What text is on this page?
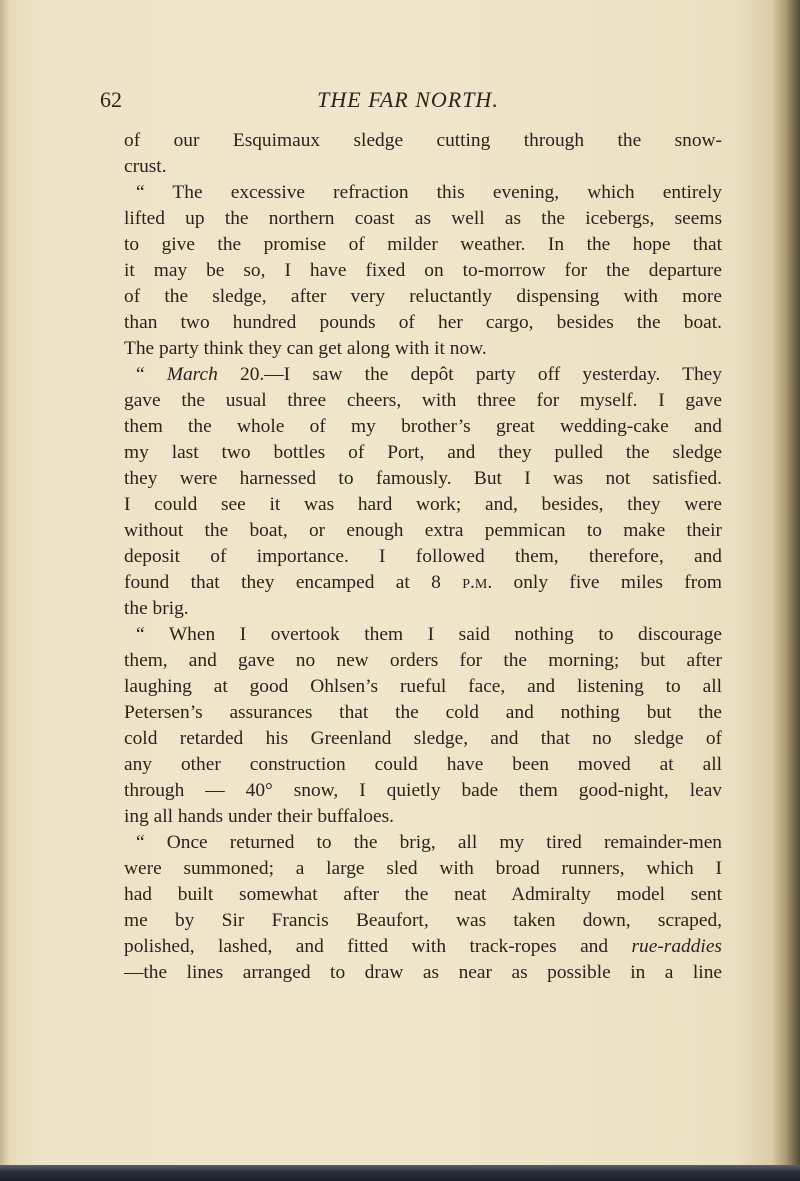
62	THE FAR NORTH.
of our Esquimaux sledge cutting through the snow-
crust.
“ The excessive refraction this evening, which entirely
lifted up the northern coast as well as the icebergs, seems
to give the promise of milder weather. In the hope that
it may be so, I have fixed on to-morrow for the departure
of the sledge, after very reluctantly dispensing with more
than two hundred pounds of her cargo, besides the boat.
The party think they can get along with it now.
“ March 20.—I saw the depôt party off yesterday. They
gave the usual three cheers, with three for myself. I gave
them the whole of my brother’s great wedding-cake and
my last two bottles of Port, and they pulled the sledge
they were harnessed to famously. But I was not satisfied.
I could see it was hard work; and, besides, they were
without the boat, or enough extra pemmican to make their
deposit of importance. I followed them, therefore, and
found that they encamped at 8 p.m. only five miles from
the brig.
“ When I overtook them I said nothing to discourage
them, and gave no new orders for the morning; but after
laughing at good Ohlsen’s rueful face, and listening to all
Petersen’s assurances that the cold and nothing but the
cold retarded his Greenland sledge, and that no sledge of
any other construction could have been moved at all
through — 40° snow, I quietly bade them good-night, leav
ing all hands under their buffaloes.
“ Once returned to the brig, all my tired remainder-men
were summoned; a large sled with broad runners, which I
had built somewhat after the neat Admiralty model sent
me by Sir Francis Beaufort, was taken down, scraped,
polished, lashed, and fitted with track-ropes and rue-raddies
—the lines arranged to draw as near as possible in a line
